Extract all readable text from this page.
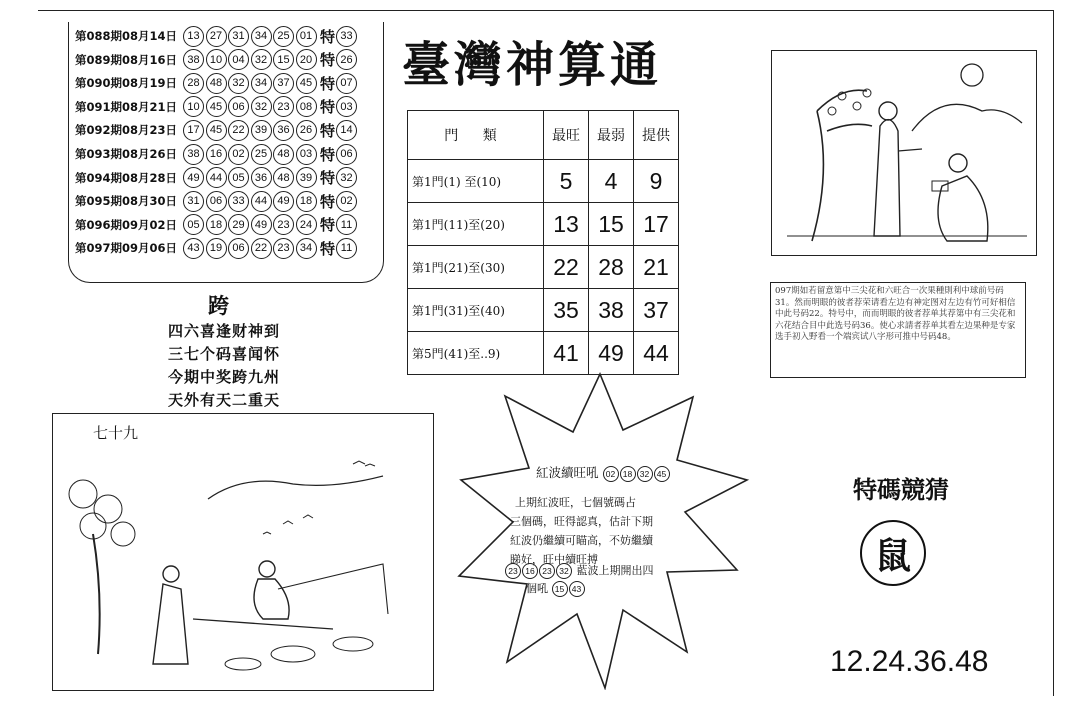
第088期08月14日 13 27 31 34 25 01 特 33
第089期08月16日 38 10 04 32 15 20 特 26
第090期08月19日 28 48 32 34 37 45 特 07
第091期08月21日 10 45 06 32 23 08 特 03
第092期08月23日 17 45 22 39 36 26 特 14
第093期08月26日 38 16 02 25 48 03 特 06
第094期08月28日 49 44 05 36 48 39 特 32
第095期08月30日 31 06 33 44 49 18 特 02
第096期09月02日 05 18 29 49 23 24 特 11
第097期09月06日 43 19 06 22 23 34 特 11
跨
四六喜逢财神到
三七个码喜闻怀
今期中奖跨九州
天外有天二重天
臺灣神算通
門 類	最旺	最弱	提供
第1門(1) 至(10)	5	4	9
第1門(11)至(20)	13	15	17
第1門(21)至(30)	22	28	21
第1門(31)至(40)	35	38	37
第5門(41)至..9)	41	49	44
097期如若留意第中三尖花和六旺合一次果種則利中球前号码31。然而明眼的彼者荐荣请看左边有神定图对左边有竹可好相信中此号码22。特号中，而而明眼的彼者荐单其荐第中有三尖花和六花结合目中此选号码36。使心求請者荐单其看左边果种是专家选手初入野看一个端宾试八字形可推中号码48。
七十九
紅波續旺吼 02 18 32 45
上期紅波旺，七個號碼占
三個碼，旺得認真，估計下期
紅波仍繼續可瞄高，不妨繼續
睇好，旺中續旺搏
23 16 23 32 藍波上期開出四
個吼 15 43
特碼競猜
鼠
12.24.36.48
